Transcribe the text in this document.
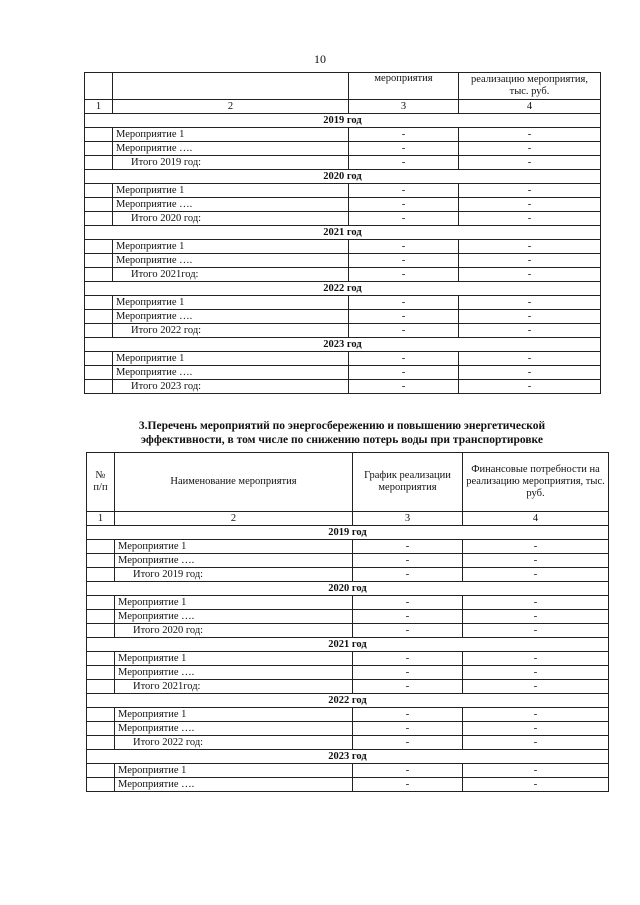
10
		мероприятия	реализацию мероприятия, тыс. руб.
1	2	3	4
2019 год			
	Мероприятие 1	-	-
	Мероприятие ….	-	-
	Итого 2019 год:	-	-
2020 год			
	Мероприятие 1	-	-
	Мероприятие ….	-	-
	Итого 2020 год:	-	-
2021 год			
	Мероприятие 1	-	-
	Мероприятие ….	-	-
	Итого 2021год:	-	-
2022 год			
	Мероприятие 1	-	-
	Мероприятие ….	-	-
	Итого 2022 год:	-	-
2023 год			
	Мероприятие 1	-	-
	Мероприятие ….	-	-
	Итого 2023 год:	-	-
3.Перечень мероприятий по энергосбережению и повышению энергетической
эффективности, в том числе по снижению потерь воды при транспортировке
№ п/п	Наименование мероприятия	График реализации мероприятия	Финансовые потребности на реализацию мероприятия, тыс. руб.
1	2	3	4
2019 год			
	Мероприятие 1	-	-
	Мероприятие ….	-	-
	Итого 2019 год:	-	-
2020 год			
	Мероприятие 1	-	-
	Мероприятие ….	-	-
	Итого 2020 год:	-	-
2021 год			
	Мероприятие 1	-	-
	Мероприятие ….	-	-
	Итого 2021год:	-	-
2022 год			
	Мероприятие 1	-	-
	Мероприятие ….	-	-
	Итого 2022 год:	-	-
2023 год			
	Мероприятие 1	-	-
	Мероприятие ….	-	-
